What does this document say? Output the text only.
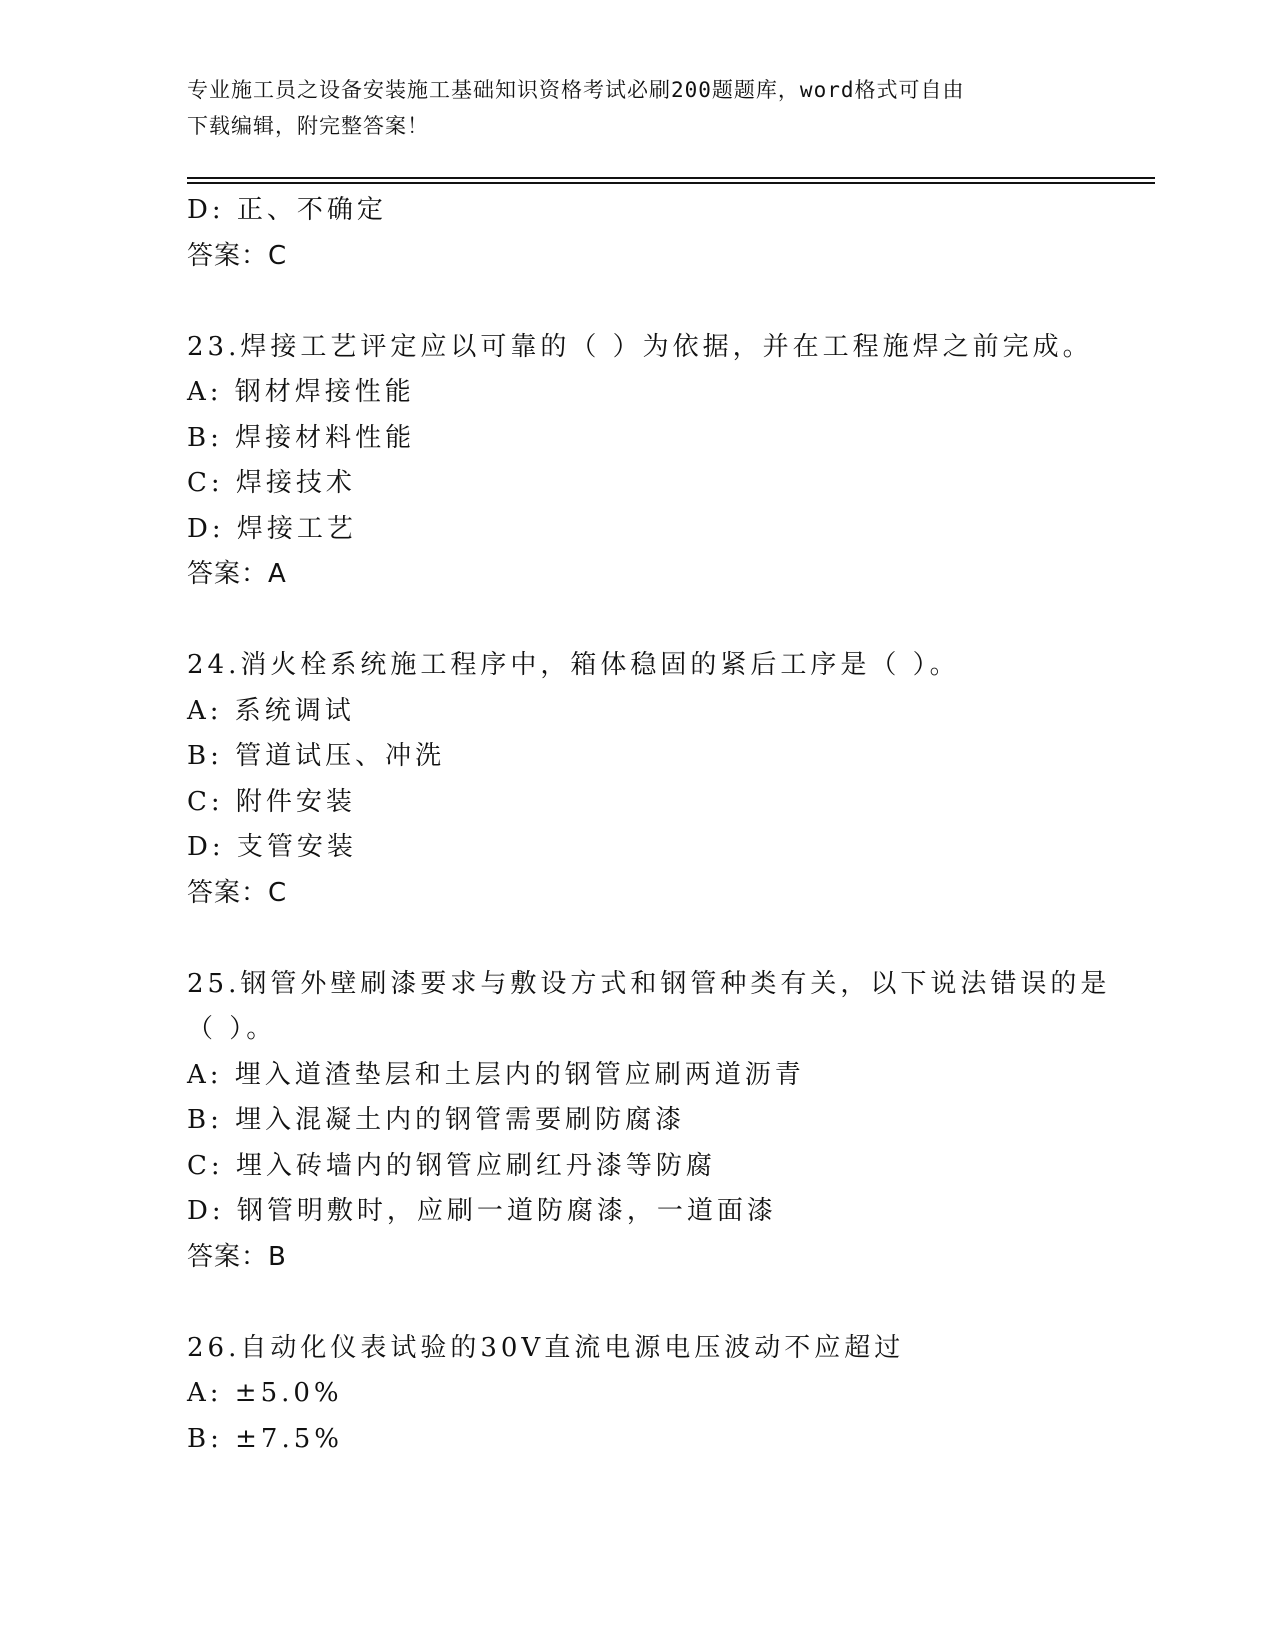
专业施工员之设备安装施工基础知识资格考试必刷200题题库，word格式可自由
下载编辑，附完整答案！
D: 正、不确定
答案：C
23.焊接工艺评定应以可靠的（ ）为依据，并在工程施焊之前完成。
A: 钢材焊接性能
B: 焊接材料性能
C: 焊接技术
D: 焊接工艺
答案：A
24.消火栓系统施工程序中，箱体稳固的紧后工序是（ ）。
A: 系统调试
B: 管道试压、冲洗
C: 附件安装
D: 支管安装
答案：C
25.钢管外壁刷漆要求与敷设方式和钢管种类有关，以下说法错误的是
（ ）。
A: 埋入道渣垫层和土层内的钢管应刷两道沥青
B: 埋入混凝土内的钢管需要刷防腐漆
C: 埋入砖墙内的钢管应刷红丹漆等防腐
D: 钢管明敷时，应刷一道防腐漆，一道面漆
答案：B
26.自动化仪表试验的30V直流电源电压波动不应超过
A: ±5.0%
B: ±7.5%
